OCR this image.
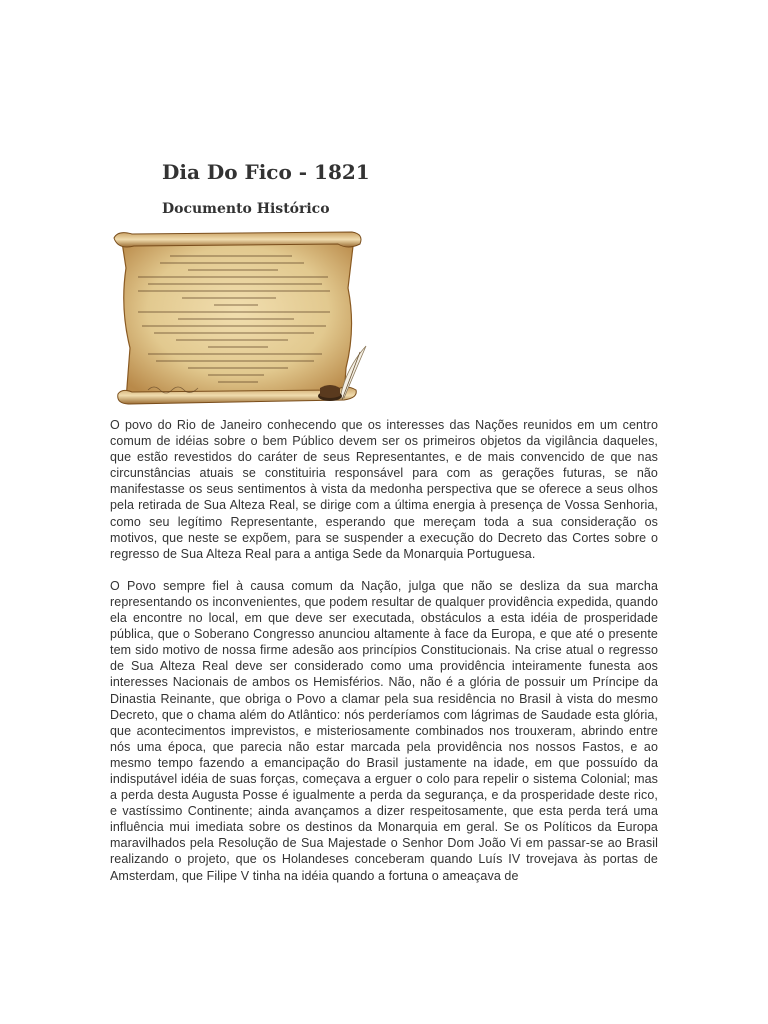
Dia Do Fico - 1821
Documento Histórico

O povo do Rio de Janeiro conhecendo que os interesses das Nações reunidos em um centro comum de idéias sobre o bem Público devem ser os primeiros objetos da vigilância daqueles, que estão revestidos do caráter de seus Representantes, e de mais convencido de que nas circunstâncias atuais se constituiria responsável para com as gerações futuras, se não manifestasse os seus sentimentos à vista da medonha perspectiva que se oferece a seus olhos pela retirada de Sua Alteza Real, se dirige com a última energia à presença de Vossa Senhoria, como seu legítimo Representante, esperando que mereçam toda a sua consideração os motivos, que neste se expõem, para se suspender a execução do Decreto das Cortes sobre o regresso de Sua Alteza Real para a antiga Sede da Monarquia Portuguesa.

O Povo sempre fiel à causa comum da Nação, julga que não se desliza da sua marcha representando os inconvenientes, que podem resultar de qualquer providência expedida, quando ela encontre no local, em que deve ser executada, obstáculos a esta idéia de prosperidade pública, que o Soberano Congresso anunciou altamente à face da Europa, e que até o presente tem sido motivo de nossa firme adesão aos princípios Constitucionais. Na crise atual o regresso de Sua Alteza Real deve ser considerado como uma providência inteiramente funesta aos interesses Nacionais de ambos os Hemisférios. Não, não é a glória de possuir um Príncipe da Dinastia Reinante, que obriga o Povo a clamar pela sua residência no Brasil à vista do mesmo Decreto, que o chama além do Atlântico: nós perderíamos com lágrimas de Saudade esta glória, que acontecimentos imprevistos, e misteriosamente combinados nos trouxeram, abrindo entre nós uma época, que parecia não estar marcada pela providência nos nossos Fastos, e ao mesmo tempo fazendo a emancipação do Brasil justamente na idade, em que possuído da indisputável idéia de suas forças, começava a erguer o colo para repelir o sistema Colonial; mas a perda desta Augusta Posse é igualmente a perda da segurança, e da prosperidade deste rico, e vastíssimo Continente; ainda avançamos a dizer respeitosamente, que esta perda terá uma influência mui imediata sobre os destinos da Monarquia em geral. Se os Políticos da Europa maravilhados pela Resolução de Sua Majestade o Senhor Dom João Vi em passar-se ao Brasil realizando o projeto, que os Holandeses conceberam quando Luís IV trovejava às portas de Amsterdam, que Filipe V tinha na idéia quando a fortuna o ameaçava de
